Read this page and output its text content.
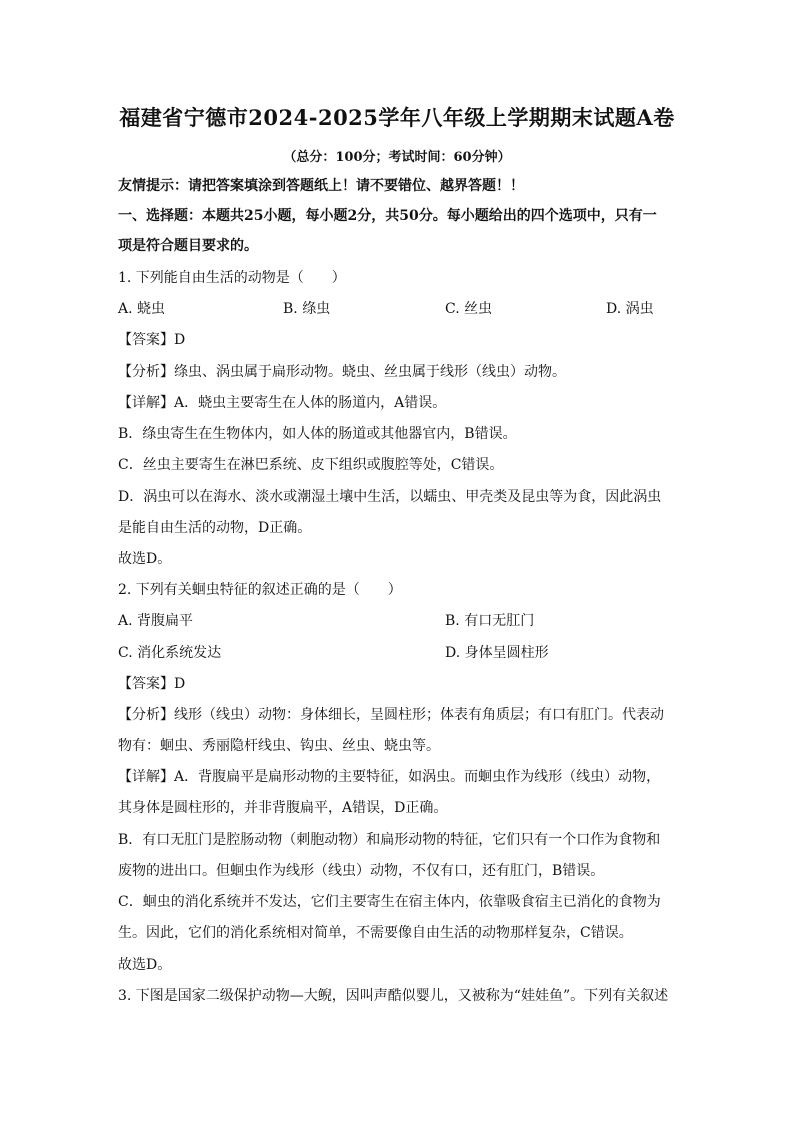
福建省宁德市2024-2025学年八年级上学期期末试题A卷
（总分：100分；考试时间：60分钟）
友情提示：请把答案填涂到答题纸上！请不要错位、越界答题！！
一、选择题：本题共25小题，每小题2分，共50分。每小题给出的四个选项中，只有一
项是符合题目要求的。
1. 下列能自由生活的动物是（　　）
A. 蛲虫	B. 绦虫	C. 丝虫	D. 涡虫
【答案】D
【分析】绦虫、涡虫属于扁形动物。蛲虫、丝虫属于线形（线虫）动物。
【详解】A．蛲虫主要寄生在人体的肠道内，A错误。
B．绦虫寄生在生物体内，如人体的肠道或其他器官内，B错误。
C．丝虫主要寄生在淋巴系统、皮下组织或腹腔等处，C错误。
D．涡虫可以在海水、淡水或潮湿土壤中生活，以蠕虫、甲壳类及昆虫等为食，因此涡虫
是能自由生活的动物，D正确。
故选D。
2. 下列有关蛔虫特征的叙述正确的是（　　）
A. 背腹扁平	B. 有口无肛门
C. 消化系统发达	D. 身体呈圆柱形
【答案】D
【分析】线形（线虫）动物：身体细长，呈圆柱形；体表有角质层；有口有肛门。代表动
物有：蛔虫、秀丽隐杆线虫、钩虫、丝虫、蛲虫等。
【详解】A．背腹扁平是扁形动物的主要特征，如涡虫。而蛔虫作为线形（线虫）动物，
其身体是圆柱形的，并非背腹扁平，A错误，D正确。
B．有口无肛门是腔肠动物（刺胞动物）和扁形动物的特征，它们只有一个口作为食物和
废物的进出口。但蛔虫作为线形（线虫）动物，不仅有口，还有肛门，B错误。
C．蛔虫的消化系统并不发达，它们主要寄生在宿主体内，依靠吸食宿主已消化的食物为
生。因此，它们的消化系统相对简单，不需要像自由生活的动物那样复杂，C错误。
故选D。
3. 下图是国家二级保护动物—大鲵，因叫声酷似婴儿，又被称为“娃娃鱼”。下列有关叙述
